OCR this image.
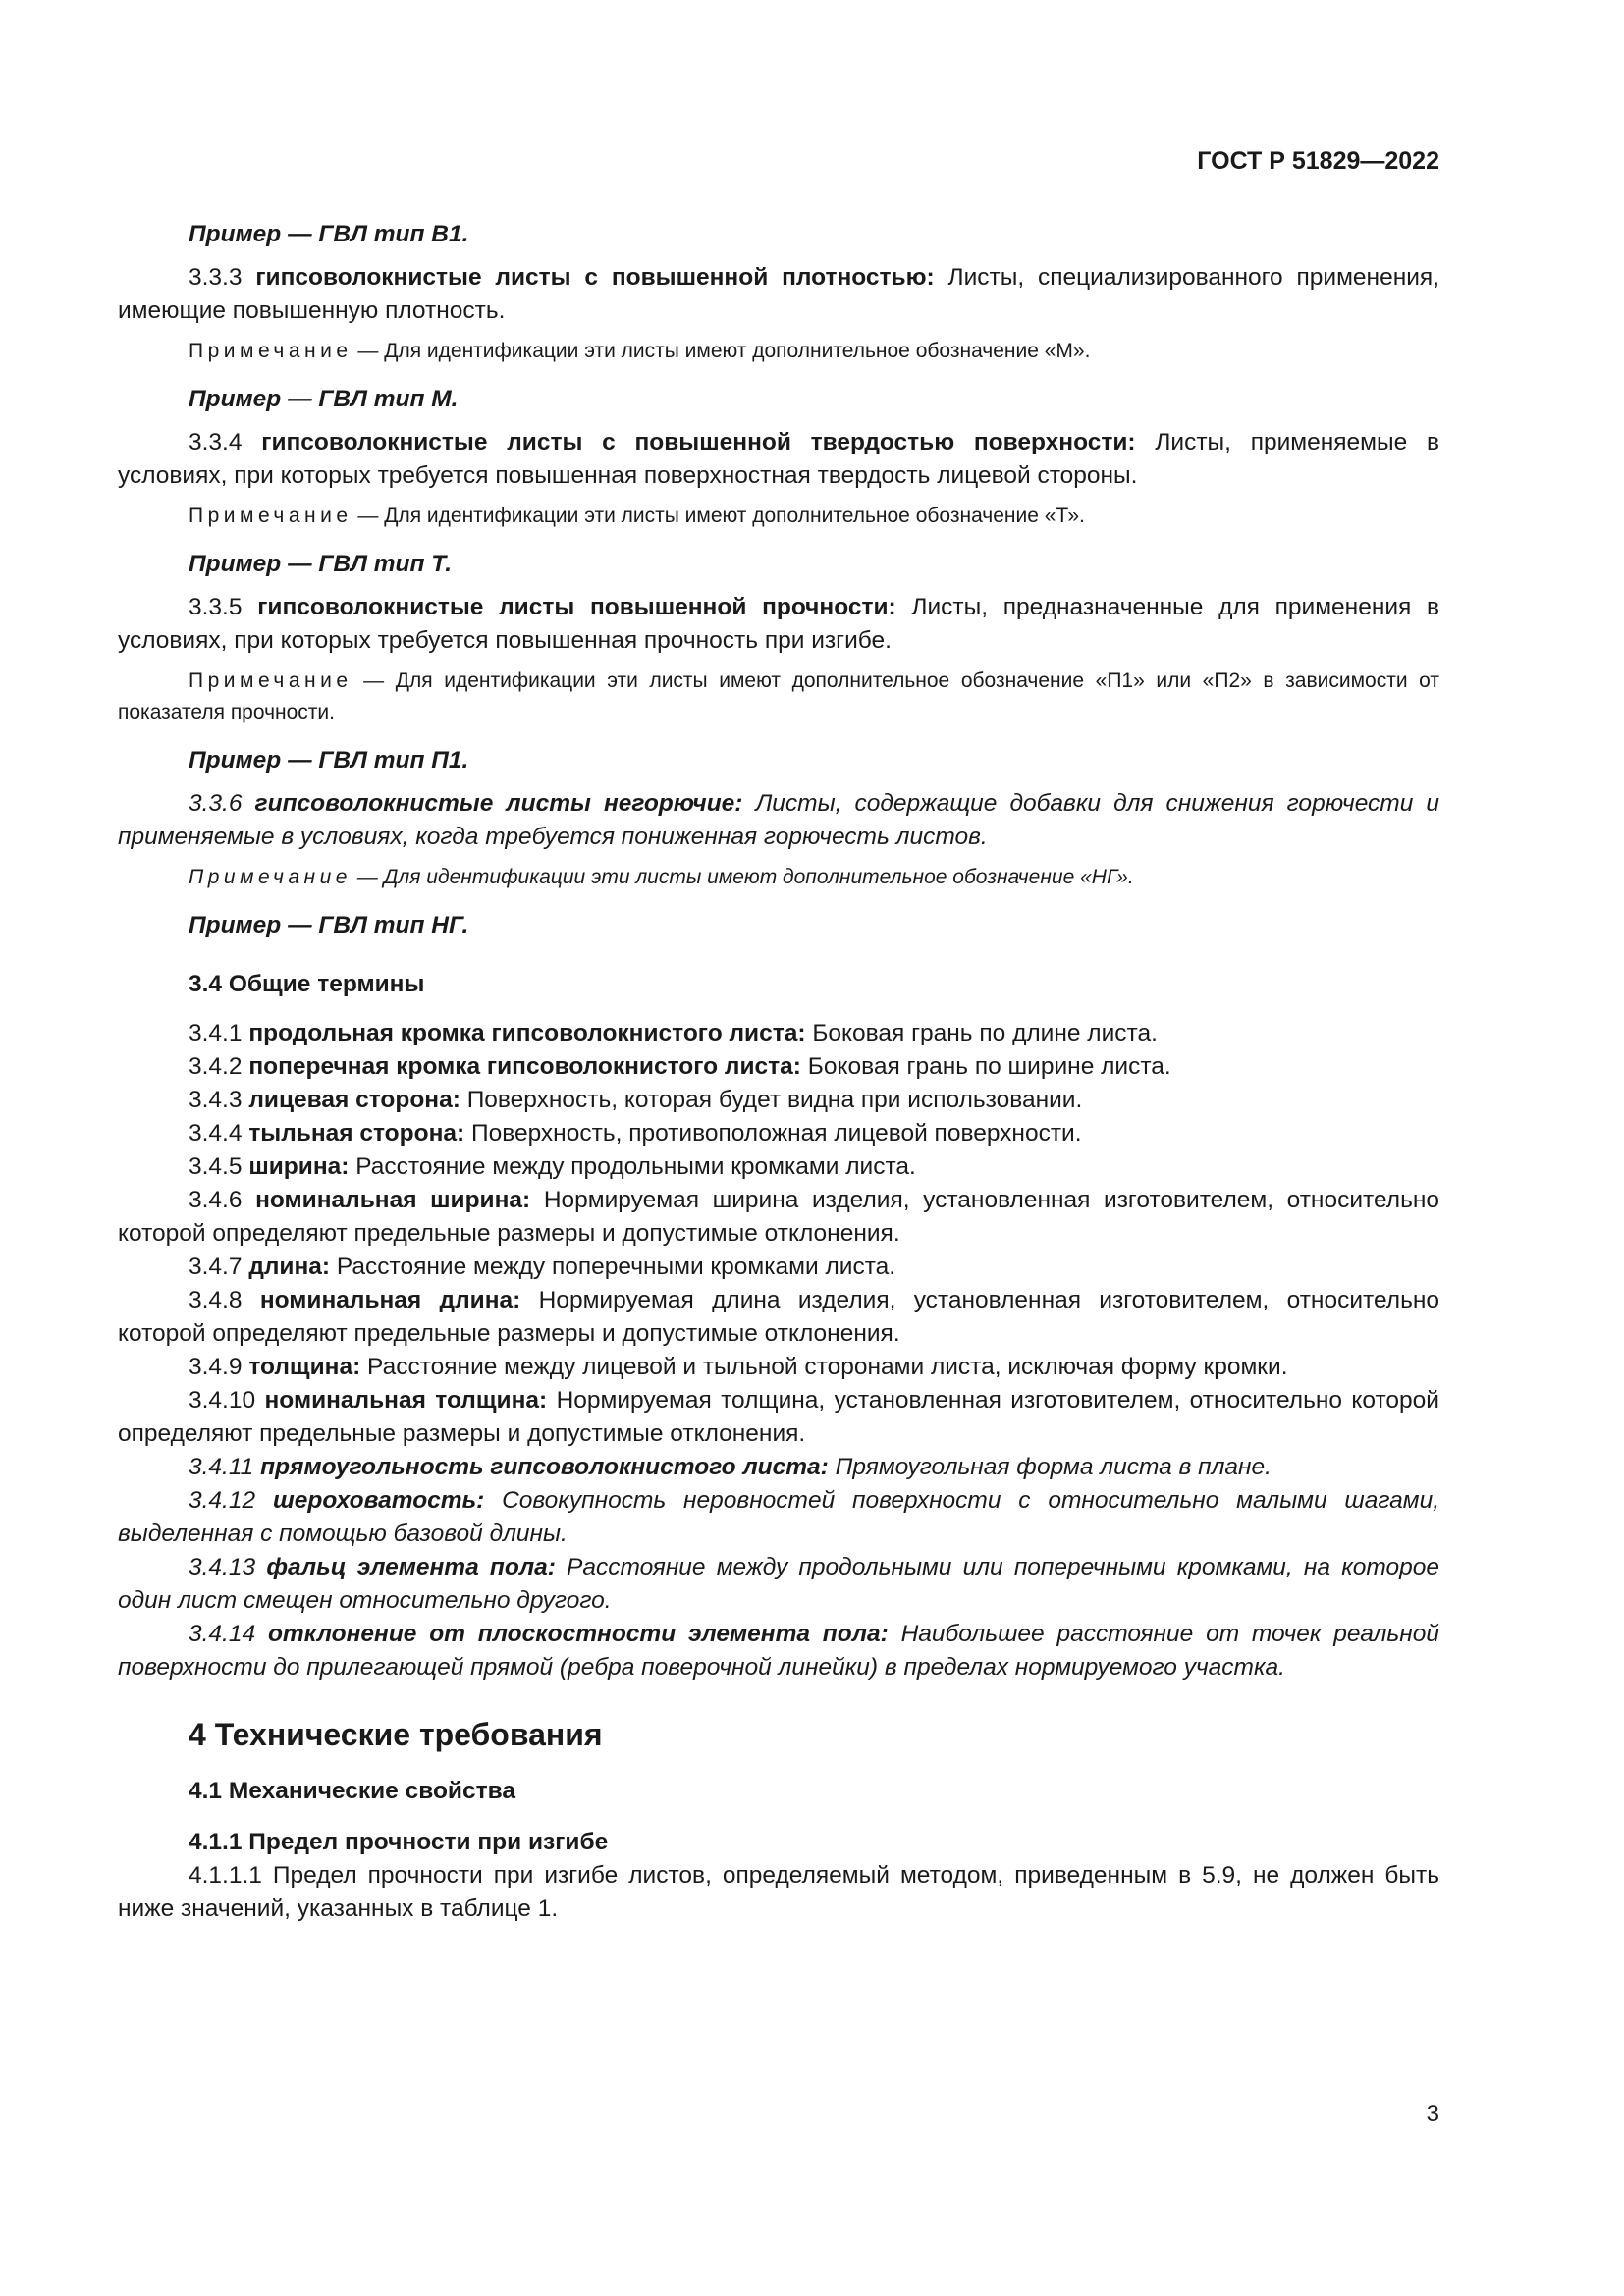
ГОСТ Р 51829—2022

Пример — ГВЛ тип В1.

3.3.3 гипсоволокнистые листы с повышенной плотностью: Листы, специализированного применения, имеющие повышенную плотность.

Примечание — Для идентификации эти листы имеют дополнительное обозначение «М».

Пример — ГВЛ тип М.

3.3.4 гипсоволокнистые листы с повышенной твердостью поверхности: Листы, применяемые в условиях, при которых требуется повышенная поверхностная твердость лицевой стороны.

Примечание — Для идентификации эти листы имеют дополнительное обозначение «Т».

Пример — ГВЛ тип Т.

3.3.5 гипсоволокнистые листы повышенной прочности: Листы, предназначенные для применения в условиях, при которых требуется повышенная прочность при изгибе.

Примечание — Для идентификации эти листы имеют дополнительное обозначение «П1» или «П2» в зависимости от показателя прочности.

Пример — ГВЛ тип П1.

3.3.6 гипсоволокнистые листы негорючие: Листы, содержащие добавки для снижения горючести и применяемые в условиях, когда требуется пониженная горючесть листов.

Примечание — Для идентификации эти листы имеют дополнительное обозначение «НГ».

Пример — ГВЛ тип НГ.

3.4 Общие термины

3.4.1 продольная кромка гипсоволокнистого листа: Боковая грань по длине листа.

3.4.2 поперечная кромка гипсоволокнистого листа: Боковая грань по ширине листа.

3.4.3 лицевая сторона: Поверхность, которая будет видна при использовании.

3.4.4 тыльная сторона: Поверхность, противоположная лицевой поверхности.

3.4.5 ширина: Расстояние между продольными кромками листа.

3.4.6 номинальная ширина: Нормируемая ширина изделия, установленная изготовителем, относительно которой определяют предельные размеры и допустимые отклонения.

3.4.7 длина: Расстояние между поперечными кромками листа.

3.4.8 номинальная длина: Нормируемая длина изделия, установленная изготовителем, относительно которой определяют предельные размеры и допустимые отклонения.

3.4.9 толщина: Расстояние между лицевой и тыльной сторонами листа, исключая форму кромки.

3.4.10 номинальная толщина: Нормируемая толщина, установленная изготовителем, относительно которой определяют предельные размеры и допустимые отклонения.

3.4.11 прямоугольность гипсоволокнистого листа: Прямоугольная форма листа в плане.

3.4.12 шероховатость: Совокупность неровностей поверхности с относительно малыми шагами, выделенная с помощью базовой длины.

3.4.13 фальц элемента пола: Расстояние между продольными или поперечными кромками, на которое один лист смещен относительно другого.

3.4.14 отклонение от плоскостности элемента пола: Наибольшее расстояние от точек реальной поверхности до прилегающей прямой (ребра поверочной линейки) в пределах нормируемого участка.

4 Технические требования

4.1 Механические свойства

4.1.1 Предел прочности при изгибе

4.1.1.1 Предел прочности при изгибе листов, определяемый методом, приведенным в 5.9, не должен быть ниже значений, указанных в таблице 1.

3
